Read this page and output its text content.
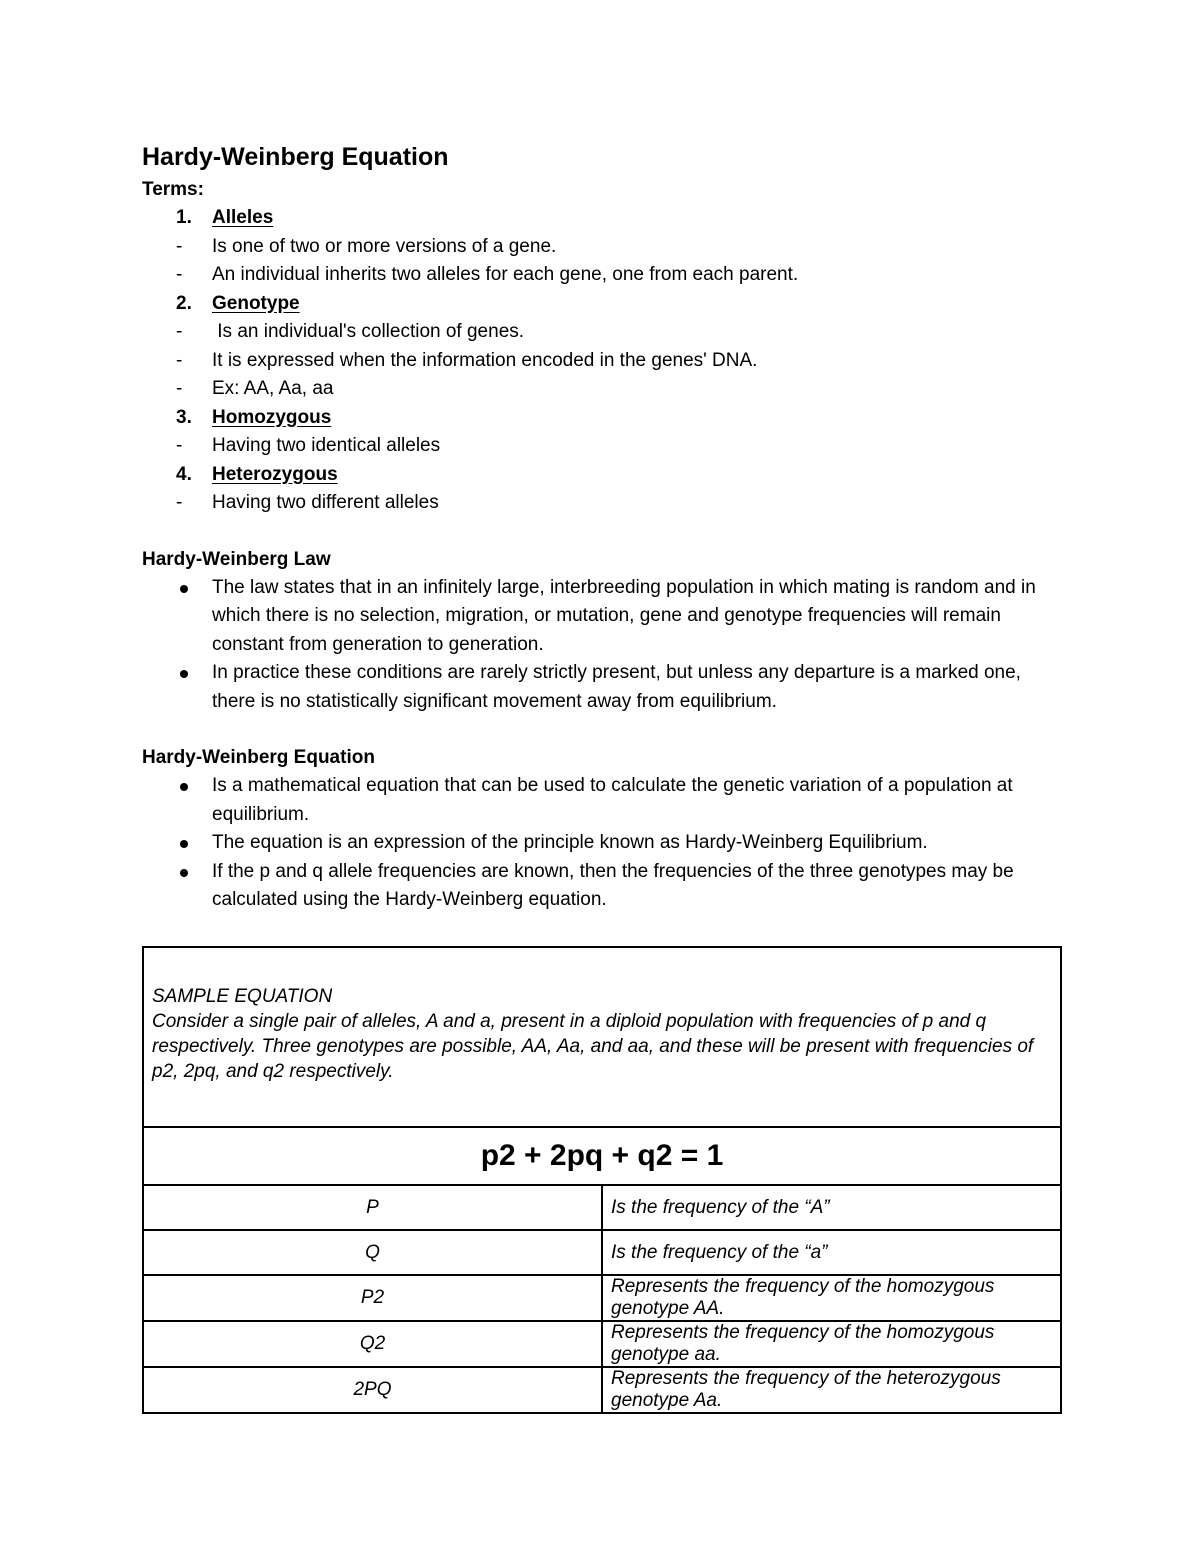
Hardy-Weinberg Equation
Terms:
1. Alleles
- Is one of two or more versions of a gene.
- An individual inherits two alleles for each gene, one from each parent.
2. Genotype
-  Is an individual's collection of genes.
- It is expressed when the information encoded in the genes' DNA.
- Ex: AA, Aa, aa
3. Homozygous
- Having two identical alleles
4. Heterozygous
- Having two different alleles
Hardy-Weinberg Law
The law states that in an infinitely large, interbreeding population in which mating is random and in which there is no selection, migration, or mutation, gene and genotype frequencies will remain constant from generation to generation.
In practice these conditions are rarely strictly present, but unless any departure is a marked one, there is no statistically significant movement away from equilibrium.
Hardy-Weinberg Equation
Is a mathematical equation that can be used to calculate the genetic variation of a population at equilibrium.
The equation is an expression of the principle known as Hardy-Weinberg Equilibrium.
If the p and q allele frequencies are known, then the frequencies of the three genotypes may be calculated using the Hardy-Weinberg equation.
SAMPLE EQUATION
Consider a single pair of alleles, A and a, present in a diploid population with frequencies of p and q respectively. Three genotypes are possible, AA, Aa, and aa, and these will be present with frequencies of p2, 2pq, and q2 respectively.	

p2 + 2pq + q2 = 1	
P	Is the frequency of the “A”
Q	Is the frequency of the “a”
P2	Represents the frequency of the homozygous genotype AA.
Q2	Represents the frequency of the homozygous genotype aa.
2PQ	Represents the frequency of the heterozygous genotype Aa.
